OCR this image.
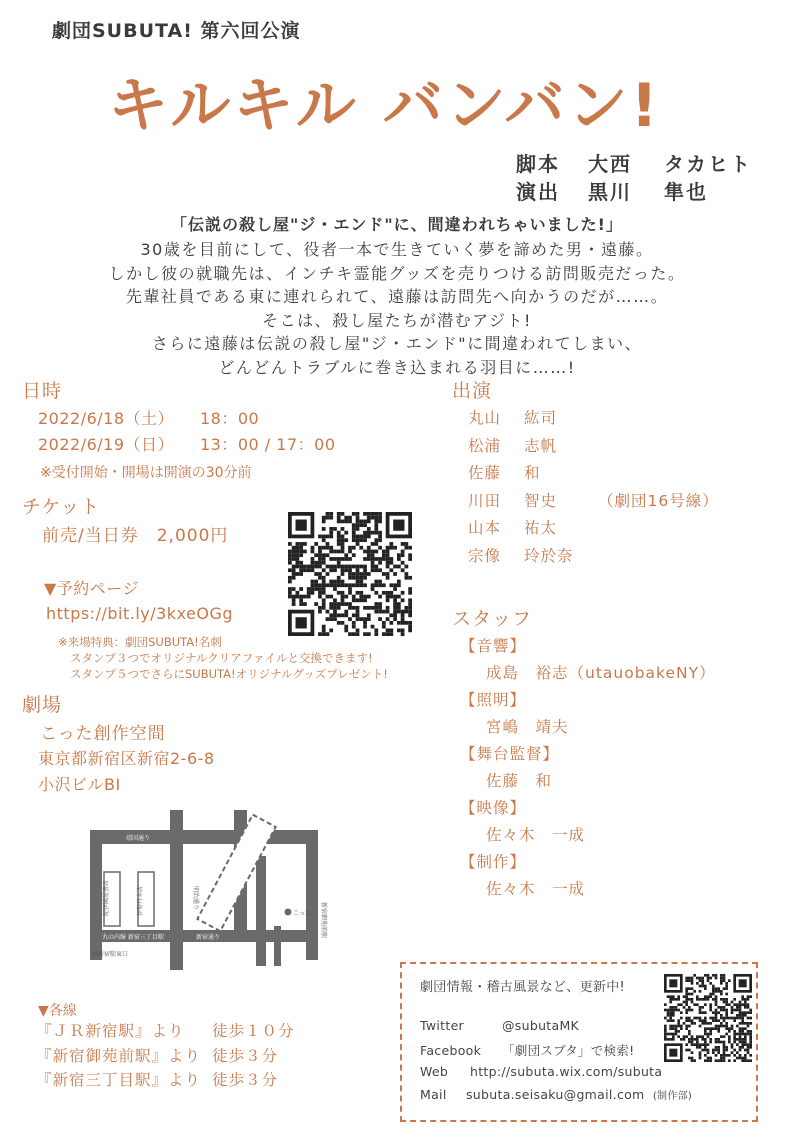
劇団SUBUTA! 第六回公演
キルキル バンバン!
脚本 大西 タカヒト
演出 黒川 隼也
「伝説の殺し屋"ジ・エンド"に、間違われちゃいました!」
30歳を目前にして、役者一本で生きていく夢を諦めた男・遠藤。
しかし彼の就職先は、インチキ霊能グッズを売りつける訪問販売だった。
先輩社員である東に連れられて、遠藤は訪問先へ向かうのだが……。
そこは、殺し屋たちが潜むアジト!
さらに遠藤は伝説の殺し屋"ジ・エンド"に間違われてしまい、
どんどんトラブルに巻き込まれる羽目に……!
日時
2022/6/18（土） 18：00
2022/6/19（日） 13：00 / 17：00
※受付開始・開場は開演の30分前
チケット
前売/当日券　2,000円
▼予約ページ
https://bit.ly/3kxeOGg
※来場特典：劇団SUBUTA!名刺
スタンプ３つでオリジナルクリアファイルと交換できます!
スタンプ５つでさらにSUBUTA!オリジナルグッズプレゼント!
劇場
こった創作空間
東京都新宿区新宿2-6-8
小沢ビルBI
靖国通り
丸の内線 新宿三丁目駅	新宿通り
紀伊國屋書店	伊勢丹本店	明治通り
JR新宿駅東口
こった 新宿御苑前駅
▼各線
『ＪＲ新宿駅』より 徒歩１０分
『新宿御苑前駅』より 徒歩３分
『新宿三丁目駅』より 徒歩３分
出演
丸山 紘司
松浦 志帆
佐藤 和
川田 智史	（劇団16号線）
山本 祐太
宗像 玲於奈
スタッフ
【音響】
成島　裕志（utauobakeNY）
【照明】
宮嶋　靖夫
【舞台監督】
佐藤　和
【映像】
佐々木　一成
【制作】
佐々木　一成
劇団情報・稽古風景など、更新中!
Twitter	@subutaMK
Facebook 「劇団スブタ」で検索!
Web http://subuta.wix.com/subuta
Mail subuta.seisaku@gmail.com (制作部)
